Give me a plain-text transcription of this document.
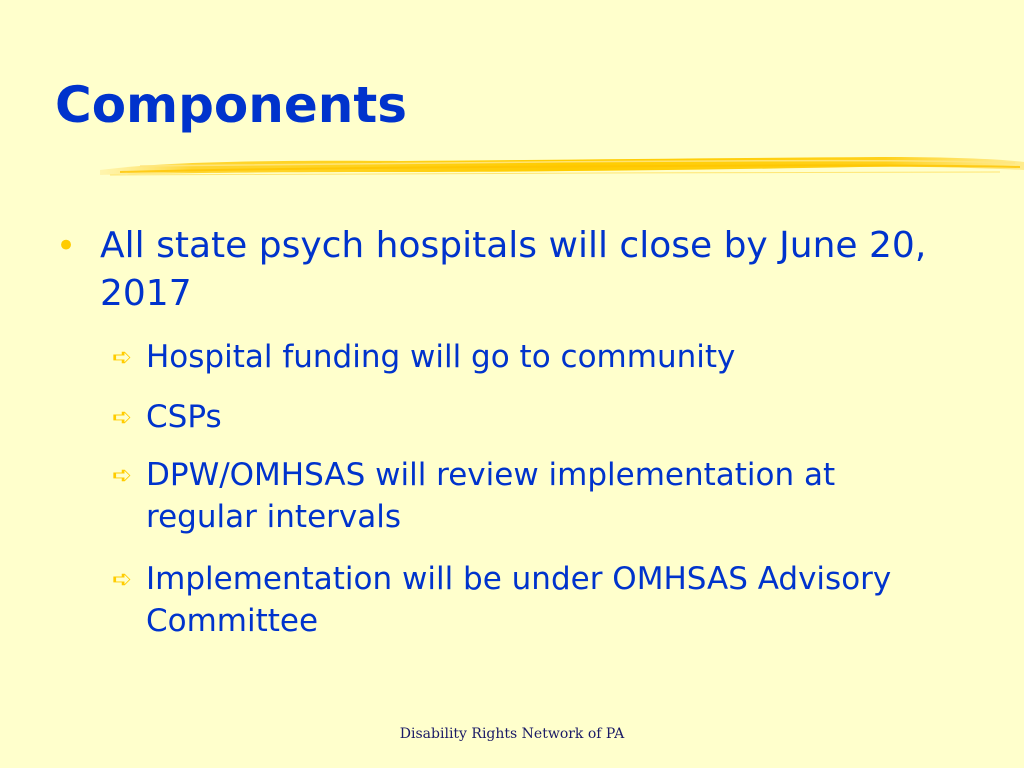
Components
• All state psych hospitals will close by June 20, 2017
➪ Hospital funding will go to community
➪ CSPs
➪ DPW/OMHSAS will review implementation at regular intervals
➪ Implementation will be under OMHSAS Advisory Committee
Disability Rights Network of PA
